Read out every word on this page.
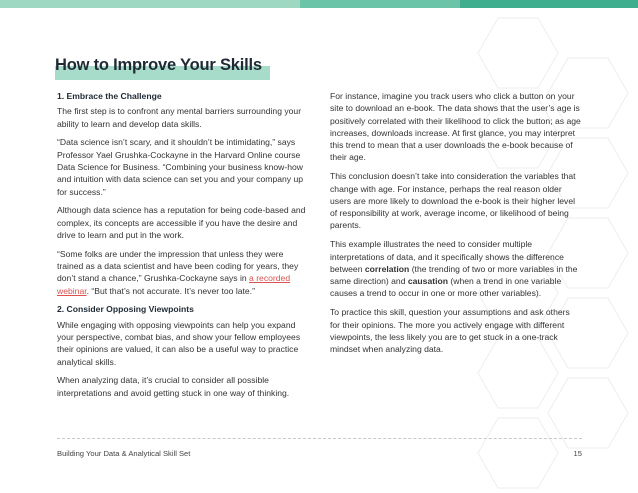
How to Improve Your Skills
1. Embrace the Challenge

The first step is to confront any mental barriers surrounding your ability to learn and develop data skills.

“Data science isn’t scary, and it shouldn’t be intimidating,” says Professor Yael Grushka-Cockayne in the Harvard Online course Data Science for Business. “Combining your business know-how and intuition with data science can set you and your company up for success.”

Although data science has a reputation for being code-based and complex, its concepts are accessible if you have the desire and drive to learn and put in the work.

“Some folks are under the impression that unless they were trained as a data scientist and have been coding for years, they don’t stand a chance,” Grushka-Cockayne says in a recorded webinar. “But that’s not accurate. It’s never too late.”

2. Consider Opposing Viewpoints

While engaging with opposing viewpoints can help you expand your perspective, combat bias, and show your fellow employees their opinions are valued, it can also be a useful way to practice analytical skills.

When analyzing data, it’s crucial to consider all possible interpretations and avoid getting stuck in one way of thinking.

For instance, imagine you track users who click a button on your site to download an e-book. The data shows that the user’s age is positively correlated with their likelihood to click the button; as age increases, downloads increase. At first glance, you may interpret this trend to mean that a user downloads the e-book because of their age.

This conclusion doesn’t take into consideration the variables that change with age. For instance, perhaps the real reason older users are more likely to download the e-book is their higher level of responsibility at work, average income, or likelihood of being parents.

This example illustrates the need to consider multiple interpretations of data, and it specifically shows the difference between correlation (the trending of two or more variables in the same direction) and causation (when a trend in one variable causes a trend to occur in one or more other variables).

To practice this skill, question your assumptions and ask others for their opinions. The more you actively engage with different viewpoints, the less likely you are to get stuck in a one-track mindset when analyzing data.

Building Your Data & Analytical Skill Set	15
